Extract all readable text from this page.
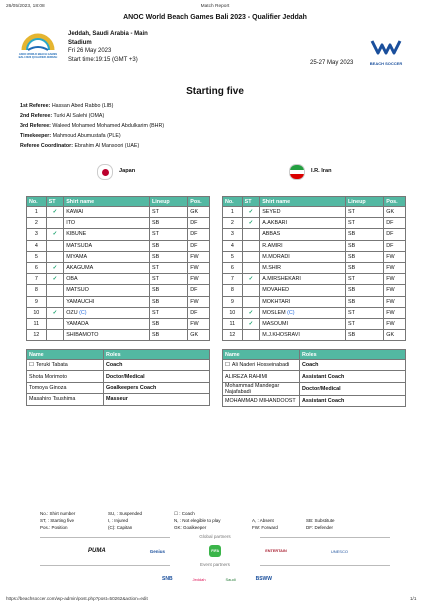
26/05/2023, 18:08	Match Report
ANOC WORLD BEACH GAMES BALI 2023 QUALIFIER JEDDAH
ANOC World Beach Games Bali 2023 - Qualifier Jeddah
Jeddah, Saudi Arabia - Main Stadium
Fri 26 May 2023
Start time:19:15 (GMT +3)
25-27 May 2023	BEACH SOCCER
Starting five
1st Referee: Hassan Abed Rabbo (LIB)
2nd Referee: Turki Al Salehi (OMA)
3rd Referee: Waleed Mohamed Mohamed Abdulkarim (BHR)
Timekeeper: Mahmoud Abumustafa (PLE)
Referee Coordinator: Ebrahim Al Mansoori (UAE)
Japan	I.R. Iran
No.	ST	Shirt name	Lineup	Pos.
1	✓	KAWAI	ST	GK
2		ITO	SB	DF
3	✓	KIBUNE	ST	DF
4		MATSUDA	SB	DF
5		MIYAMA	SB	FW
6	✓	AKAGUMA	ST	FW
7	✓	OBA	ST	FW
8		MATSUO	SB	DF
9		YAMAUCHI	SB	FW
10	✓	OZU (C)	ST	DF
11		YAMADA	SB	FW
12		SHIBAMOTO	SB	GK
No.	ST	Shirt name	Lineup	Pos.
1	✓	SEYED	ST	GK
2	✓	A.AKBARI	ST	DF
3		ABBAS	SB	DF
4		R.AMIRI	SB	DF
5		M.MORADI	SB	FW
6		M.SHIR	SB	FW
7	✓	A.MIRSHEKARI	ST	FW
8		MOVAHED	SB	FW
9		MOKHTARI	SB	FW
10	✓	MOSLEM (C)	ST	FW
11	✓	MASOUMI	ST	FW
12		M.J.KHOSRAVI	SB	GK
Name	Roles
☐ Teruki Tabata	Coach
Shota Morimoto	Doctor/Medical
Tomoya Ginoza	Goalkeepers Coach
Masahiro Tsushima	Masseur
Name	Roles
☐ Ali Naderi Hosseinabadi	Coach
ALIREZA RAHIMI	Assistant Coach
Mohammad Mandegar Najafabadi	Doctor/Medical
MOHAMMAD MIHANDOOST	Assistant Coach
No.: Shirt number	SU, : Suspended	☐ : Coach		
ST, : Starting five	I, : Injured	N, : Not elegible to play	A, : Absent	SB: Substitute
Pos.: Position	(C): Capitan	GK: Goalkeeper	FW: Forward	DF: Defender
Global partners
PUMA	Genius	FIFA	ENTERTAIN	UNESCO
Event partners
SNB	Jeddah	Saudi	BSWW
https://beachsoccer.com/wp-admin/post.php?post=50262&action=edit	1/1
